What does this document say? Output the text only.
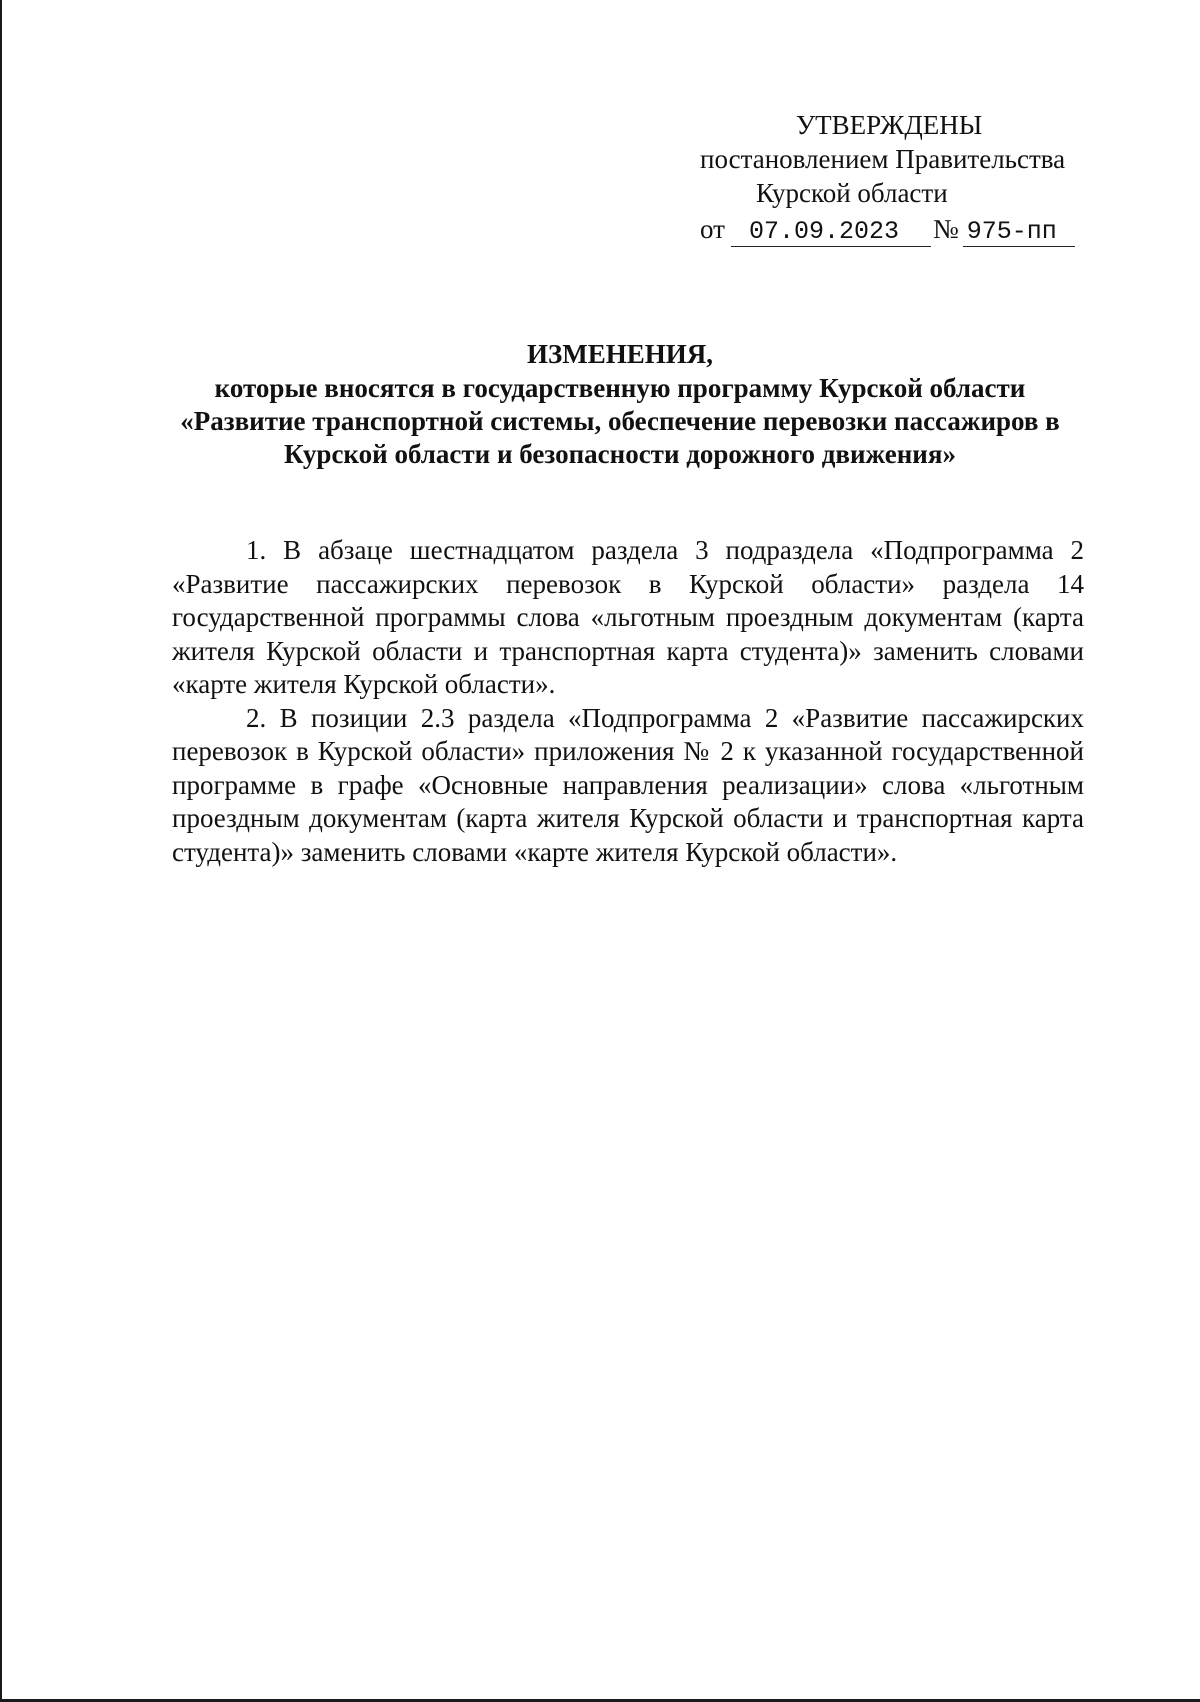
УТВЕРЖДЕНЫ
постановлением Правительства
Курской области
от 07.09.2023	№ 975-пп
ИЗМЕНЕНИЯ,
которые вносятся в государственную программу Курской области «Развитие транспортной системы, обеспечение перевозки пассажиров в Курской области и безопасности дорожного движения»

1. В абзаце шестнадцатом раздела 3 подраздела «Подпрограмма 2 «Развитие пассажирских перевозок в Курской области» раздела 14 государственной программы слова «льготным проездным документам (карта жителя Курской области и транспортная карта студента)» заменить словами «карте жителя Курской области».

2. В позиции 2.3 раздела «Подпрограмма 2 «Развитие пассажирских перевозок в Курской области» приложения № 2 к указанной государственной программе в графе «Основные направления реализации» слова «льготным проездным документам (карта жителя Курской области и транспортная карта студента)» заменить словами «карте жителя Курской области».
